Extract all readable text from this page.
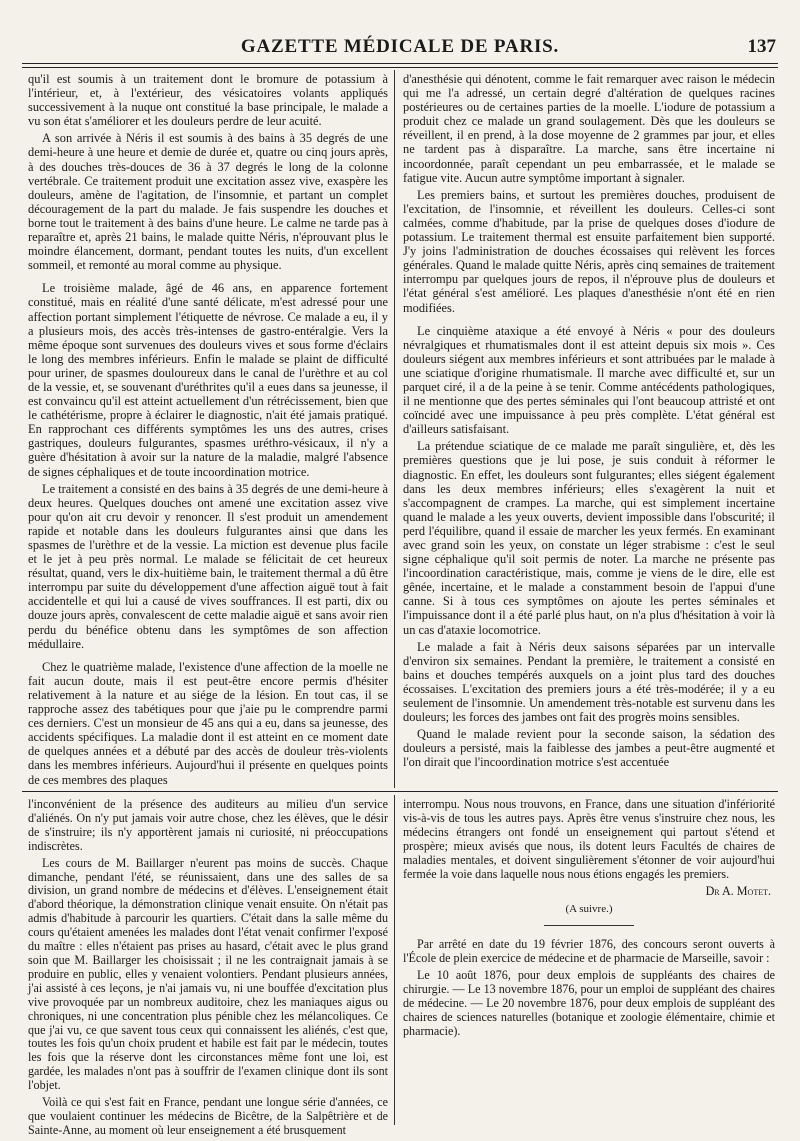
GAZETTE MÉDICALE DE PARIS.	137

qu'il est soumis à un traitement dont le bromure de potassium à l'intérieur, et, à l'extérieur, des vésicatoires volants appliqués successivement à la nuque ont constitué la base principale, le malade a vu son état s'améliorer et les douleurs perdre de leur acuité.

A son arrivée à Néris il est soumis à des bains à 35 degrés de une demi-heure à une heure et demie de durée et, quatre ou cinq jours après, à des douches très-douces de 36 à 37 degrés le long de la colonne vertébrale. Ce traitement produit une excitation assez vive, exaspère les douleurs, amène de l'agitation, de l'insomnie, et partant un complet découragement de la part du malade. Je fais suspendre les douches et borne tout le traitement à des bains d'une heure. Le calme ne tarde pas à reparaître et, après 21 bains, le malade quitte Néris, n'éprouvant plus le moindre élancement, dormant, pendant toutes les nuits, d'un excellent sommeil, et remonté au moral comme au physique.

Le troisième malade, âgé de 46 ans, en apparence fortement constitué, mais en réalité d'une santé délicate, m'est adressé pour une affection portant simplement l'étiquette de névrose. Ce malade a eu, il y a plusieurs mois, des accès très-intenses de gastro-entéralgie. Vers la même époque sont survenues des douleurs vives et sous forme d'éclairs le long des membres inférieurs. Enfin le malade se plaint de difficulté pour uriner, de spasmes douloureux dans le canal de l'urèthre et au col de la vessie, et, se souvenant d'uréthrites qu'il a eues dans sa jeunesse, il est convaincu qu'il est atteint actuellement d'un rétrécissement, bien que le cathétérisme, propre à éclairer le diagnostic, n'ait été jamais pratiqué. En rapprochant ces différents symptômes les uns des autres, crises gastriques, douleurs fulgurantes, spasmes uréthro-vésicaux, il n'y a guère d'hésitation à avoir sur la nature de la maladie, malgré l'absence de signes céphaliques et de toute incoordination motrice.

Le traitement a consisté en des bains à 35 degrés de une demi-heure à deux heures. Quelques douches ont amené une excitation assez vive pour qu'on ait cru devoir y renoncer. Il s'est produit un amendement rapide et notable dans les douleurs fulgurantes ainsi que dans les spasmes de l'urèthre et de la vessie. La miction est devenue plus facile et le jet à peu près normal. Le malade se félicitait de cet heureux résultat, quand, vers le dix-huitième bain, le traitement thermal a dû être interrompu par suite du développement d'une affection aiguë tout à fait accidentelle et qui lui a causé de vives souffrances. Il est parti, dix ou douze jours après, convalescent de cette maladie aiguë et sans avoir rien perdu du bénéfice obtenu dans les symptômes de son affection médullaire.

Chez le quatrième malade, l'existence d'une affection de la moelle ne fait aucun doute, mais il est peut-être encore permis d'hésiter relativement à la nature et au siége de la lésion. En tout cas, il se rapproche assez des tabétiques pour que j'aie pu le comprendre parmi ces derniers. C'est un monsieur de 45 ans qui a eu, dans sa jeunesse, des accidents spécifiques. La maladie dont il est atteint en ce moment date de quelques années et a débuté par des accès de douleur très-violents dans les membres inférieurs. Aujourd'hui il présente en quelques points de ces membres des plaques

d'anesthésie qui dénotent, comme le fait remarquer avec raison le médecin qui me l'a adressé, un certain degré d'altération de quelques racines postérieures ou de certaines parties de la moelle. L'iodure de potassium a produit chez ce malade un grand soulagement. Dès que les douleurs se réveillent, il en prend, à la dose moyenne de 2 grammes par jour, et elles ne tardent pas à disparaître. La marche, sans être incertaine ni incoordonnée, paraît cependant un peu embarrassée, et le malade se fatigue vite. Aucun autre symptôme important à signaler.

Les premiers bains, et surtout les premières douches, produisent de l'excitation, de l'insomnie, et réveillent les douleurs. Celles-ci sont calmées, comme d'habitude, par la prise de quelques doses d'iodure de potassium. Le traitement thermal est ensuite parfaitement bien supporté. J'y joins l'administration de douches écossaises qui relèvent les forces générales. Quand le malade quitte Néris, après cinq semaines de traitement interrompu par quelques jours de repos, il n'éprouve plus de douleurs et l'état général s'est amélioré. Les plaques d'anesthésie n'ont été en rien modifiées.

Le cinquième ataxique a été envoyé à Néris « pour des douleurs névralgiques et rhumatismales dont il est atteint depuis six mois ». Ces douleurs siégent aux membres inférieurs et sont attribuées par le malade à une sciatique d'origine rhumatismale. Il marche avec difficulté et, sur un parquet ciré, il a de la peine à se tenir. Comme antécédents pathologiques, il ne mentionne que des pertes séminales qui l'ont beaucoup attristé et ont coïncidé avec une impuissance à peu près complète. L'état général est d'ailleurs satisfaisant.

La prétendue sciatique de ce malade me paraît singulière, et, dès les premières questions que je lui pose, je suis conduit à réformer le diagnostic. En effet, les douleurs sont fulgurantes; elles siégent également dans les deux membres inférieurs; elles s'exagèrent la nuit et s'accompagnent de crampes. La marche, qui est simplement incertaine quand le malade a les yeux ouverts, devient impossible dans l'obscurité; il perd l'équilibre, quand il essaie de marcher les yeux fermés. En examinant avec grand soin les yeux, on constate un léger strabisme : c'est le seul signe céphalique qu'il soit permis de noter. La marche ne présente pas l'incoordination caractéristique, mais, comme je viens de le dire, elle est gênée, incertaine, et le malade a constamment besoin de l'appui d'une canne. Si à tous ces symptômes on ajoute les pertes séminales et l'impuissance dont il a été parlé plus haut, on n'a plus d'hésitation à voir là un cas d'ataxie locomotrice.

Le malade a fait à Néris deux saisons séparées par un intervalle d'environ six semaines. Pendant la première, le traitement a consisté en bains et douches tempérés auxquels on a joint plus tard des douches écossaises. L'excitation des premiers jours a été très-modérée; il y a eu seulement de l'insomnie. Un amendement très-notable est survenu dans les douleurs; les forces des jambes ont fait des progrès moins sensibles.

Quand le malade revient pour la seconde saison, la sédation des douleurs a persisté, mais la faiblesse des jambes a peut-être augmenté et l'on dirait que l'incoordination motrice s'est accentuée

l'inconvénient de la présence des auditeurs au milieu d'un service d'aliénés. On n'y put jamais voir autre chose, chez les élèves, que le désir de s'instruire; ils n'y apportèrent jamais ni curiosité, ni préoccupations indiscrètes.

Les cours de M. Baillarger n'eurent pas moins de succès. Chaque dimanche, pendant l'été, se réunissaient, dans une des salles de sa division, un grand nombre de médecins et d'élèves. L'enseignement était d'abord théorique, la démonstration clinique venait ensuite. On n'était pas admis d'habitude à parcourir les quartiers. C'était dans la salle même du cours qu'étaient amenées les malades dont l'état venait confirmer l'exposé du maître : elles n'étaient pas prises au hasard, c'était avec le plus grand soin que M. Baillarger les choisissait ; il ne les contraignait jamais à se produire en public, elles y venaient volontiers. Pendant plusieurs années, j'ai assisté à ces leçons, je n'ai jamais vu, ni une bouffée d'excitation plus vive provoquée par un nombreux auditoire, chez les maniaques aigus ou chroniques, ni une concentration plus pénible chez les mélancoliques. Ce que j'ai vu, ce que savent tous ceux qui connaissent les aliénés, c'est que, toutes les fois qu'un choix prudent et habile est fait par le médecin, toutes les fois que la réserve dont les circonstances même font une loi, est gardée, les malades n'ont pas à souffrir de l'examen clinique dont ils sont l'objet.

Voilà ce qui s'est fait en France, pendant une longue série d'années, ce que voulaient continuer les médecins de Bicêtre, de la Salpêtrière et de Sainte-Anne, au moment où leur enseignement a été brusquement

interrompu. Nous nous trouvons, en France, dans une situation d'infériorité vis-à-vis de tous les autres pays. Après être venus s'instruire chez nous, les médecins étrangers ont fondé un enseignement qui partout s'étend et prospère; mieux avisés que nous, ils dotent leurs Facultés de chaires de maladies mentales, et doivent singulièrement s'étonner de voir aujourd'hui fermée la voie dans laquelle nous nous étions engagés les premiers.

Dr A. Motet.
(A suivre.)

Par arrêté en date du 19 février 1876, des concours seront ouverts à l'École de plein exercice de médecine et de pharmacie de Marseille, savoir :

Le 10 août 1876, pour deux emplois de suppléants des chaires de chirurgie. — Le 13 novembre 1876, pour un emploi de suppléant des chaires de médecine. — Le 20 novembre 1876, pour deux emplois de suppléant des chaires de sciences naturelles (botanique et zoologie élémentaire, chimie et pharmacie).
